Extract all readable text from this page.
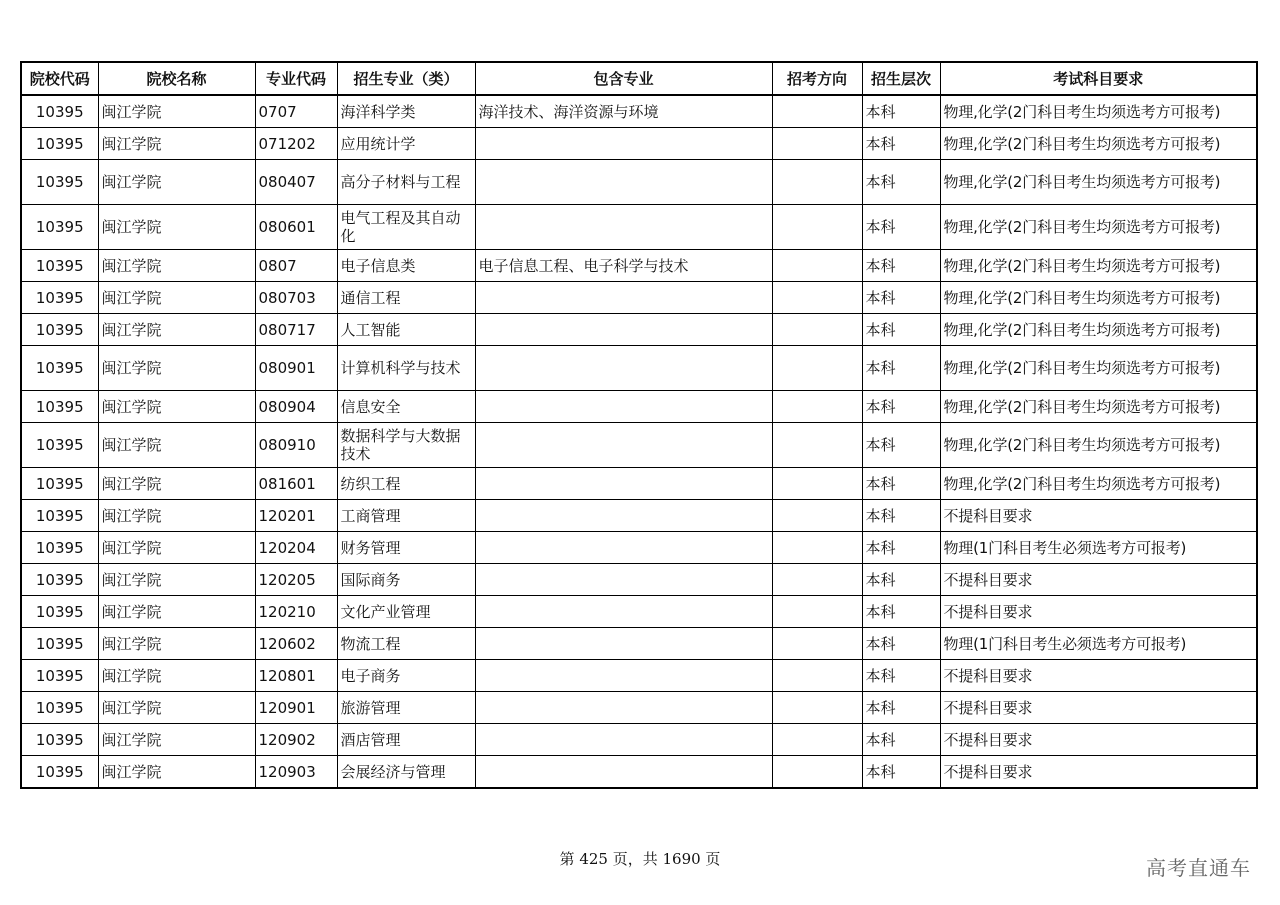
院校代码	院校名称	专业代码	招生专业（类）	包含专业	招考方向	招生层次	考试科目要求
10395	闽江学院	0707	海洋科学类	海洋技术、海洋资源与环境		本科	物理,化学(2门科目考生均须选考方可报考)
10395	闽江学院	071202	应用统计学			本科	物理,化学(2门科目考生均须选考方可报考)
10395	闽江学院	080407	高分子材料与工程			本科	物理,化学(2门科目考生均须选考方可报考)
10395	闽江学院	080601	电气工程及其自动化			本科	物理,化学(2门科目考生均须选考方可报考)
10395	闽江学院	0807	电子信息类	电子信息工程、电子科学与技术		本科	物理,化学(2门科目考生均须选考方可报考)
10395	闽江学院	080703	通信工程			本科	物理,化学(2门科目考生均须选考方可报考)
10395	闽江学院	080717	人工智能			本科	物理,化学(2门科目考生均须选考方可报考)
10395	闽江学院	080901	计算机科学与技术			本科	物理,化学(2门科目考生均须选考方可报考)
10395	闽江学院	080904	信息安全			本科	物理,化学(2门科目考生均须选考方可报考)
10395	闽江学院	080910	数据科学与大数据技术			本科	物理,化学(2门科目考生均须选考方可报考)
10395	闽江学院	081601	纺织工程			本科	物理,化学(2门科目考生均须选考方可报考)
10395	闽江学院	120201	工商管理			本科	不提科目要求
10395	闽江学院	120204	财务管理			本科	物理(1门科目考生必须选考方可报考)
10395	闽江学院	120205	国际商务			本科	不提科目要求
10395	闽江学院	120210	文化产业管理			本科	不提科目要求
10395	闽江学院	120602	物流工程			本科	物理(1门科目考生必须选考方可报考)
10395	闽江学院	120801	电子商务			本科	不提科目要求
10395	闽江学院	120901	旅游管理			本科	不提科目要求
10395	闽江学院	120902	酒店管理			本科	不提科目要求
10395	闽江学院	120903	会展经济与管理			本科	不提科目要求
第 425 页，共 1690 页	高考直通车
